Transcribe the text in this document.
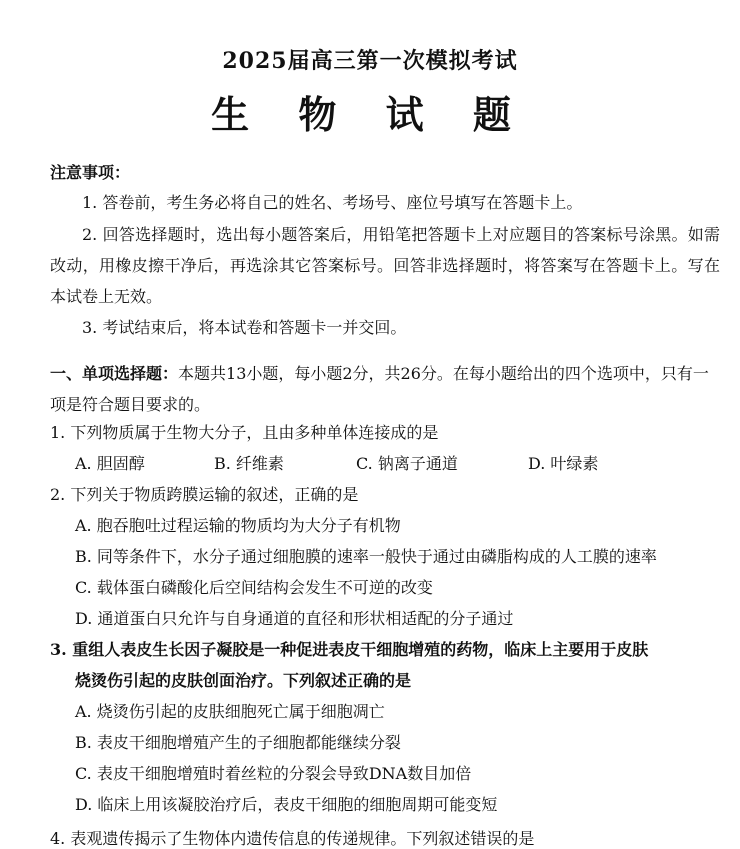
2025届高三第一次模拟考试
生 物 试 题
注意事项：
1. 答卷前，考生务必将自己的姓名、考场号、座位号填写在答题卡上。
2. 回答选择题时，选出每小题答案后，用铅笔把答题卡上对应题目的答案标号涂黑。如需改动，用橡皮擦干净后，再选涂其它答案标号。回答非选择题时，将答案写在答题卡上。写在本试卷上无效。
3. 考试结束后，将本试卷和答题卡一并交回。
一、单项选择题：本题共13小题，每小题2分，共26分。在每小题给出的四个选项中，只有一项是符合题目要求的。
1. 下列物质属于生物大分子，且由多种单体连接成的是
A. 胆固醇	B. 纤维素	C. 钠离子通道	D. 叶绿素
2. 下列关于物质跨膜运输的叙述，正确的是
A. 胞吞胞吐过程运输的物质均为大分子有机物
B. 同等条件下，水分子通过细胞膜的速率一般快于通过由磷脂构成的人工膜的速率
C. 载体蛋白磷酸化后空间结构会发生不可逆的改变
D. 通道蛋白只允许与自身通道的直径和形状相适配的分子通过
3. 重组人表皮生长因子凝胶是一种促进表皮干细胞增殖的药物，临床上主要用于皮肤
烧烫伤引起的皮肤创面治疗。下列叙述正确的是
A. 烧烫伤引起的皮肤细胞死亡属于细胞凋亡
B. 表皮干细胞增殖产生的子细胞都能继续分裂
C. 表皮干细胞增殖时着丝粒的分裂会导致DNA数目加倍
D. 临床上用该凝胶治疗后，表皮干细胞的细胞周期可能变短
4. 表观遗传揭示了生物体内遗传信息的传递规律。下列叙述错误的是
